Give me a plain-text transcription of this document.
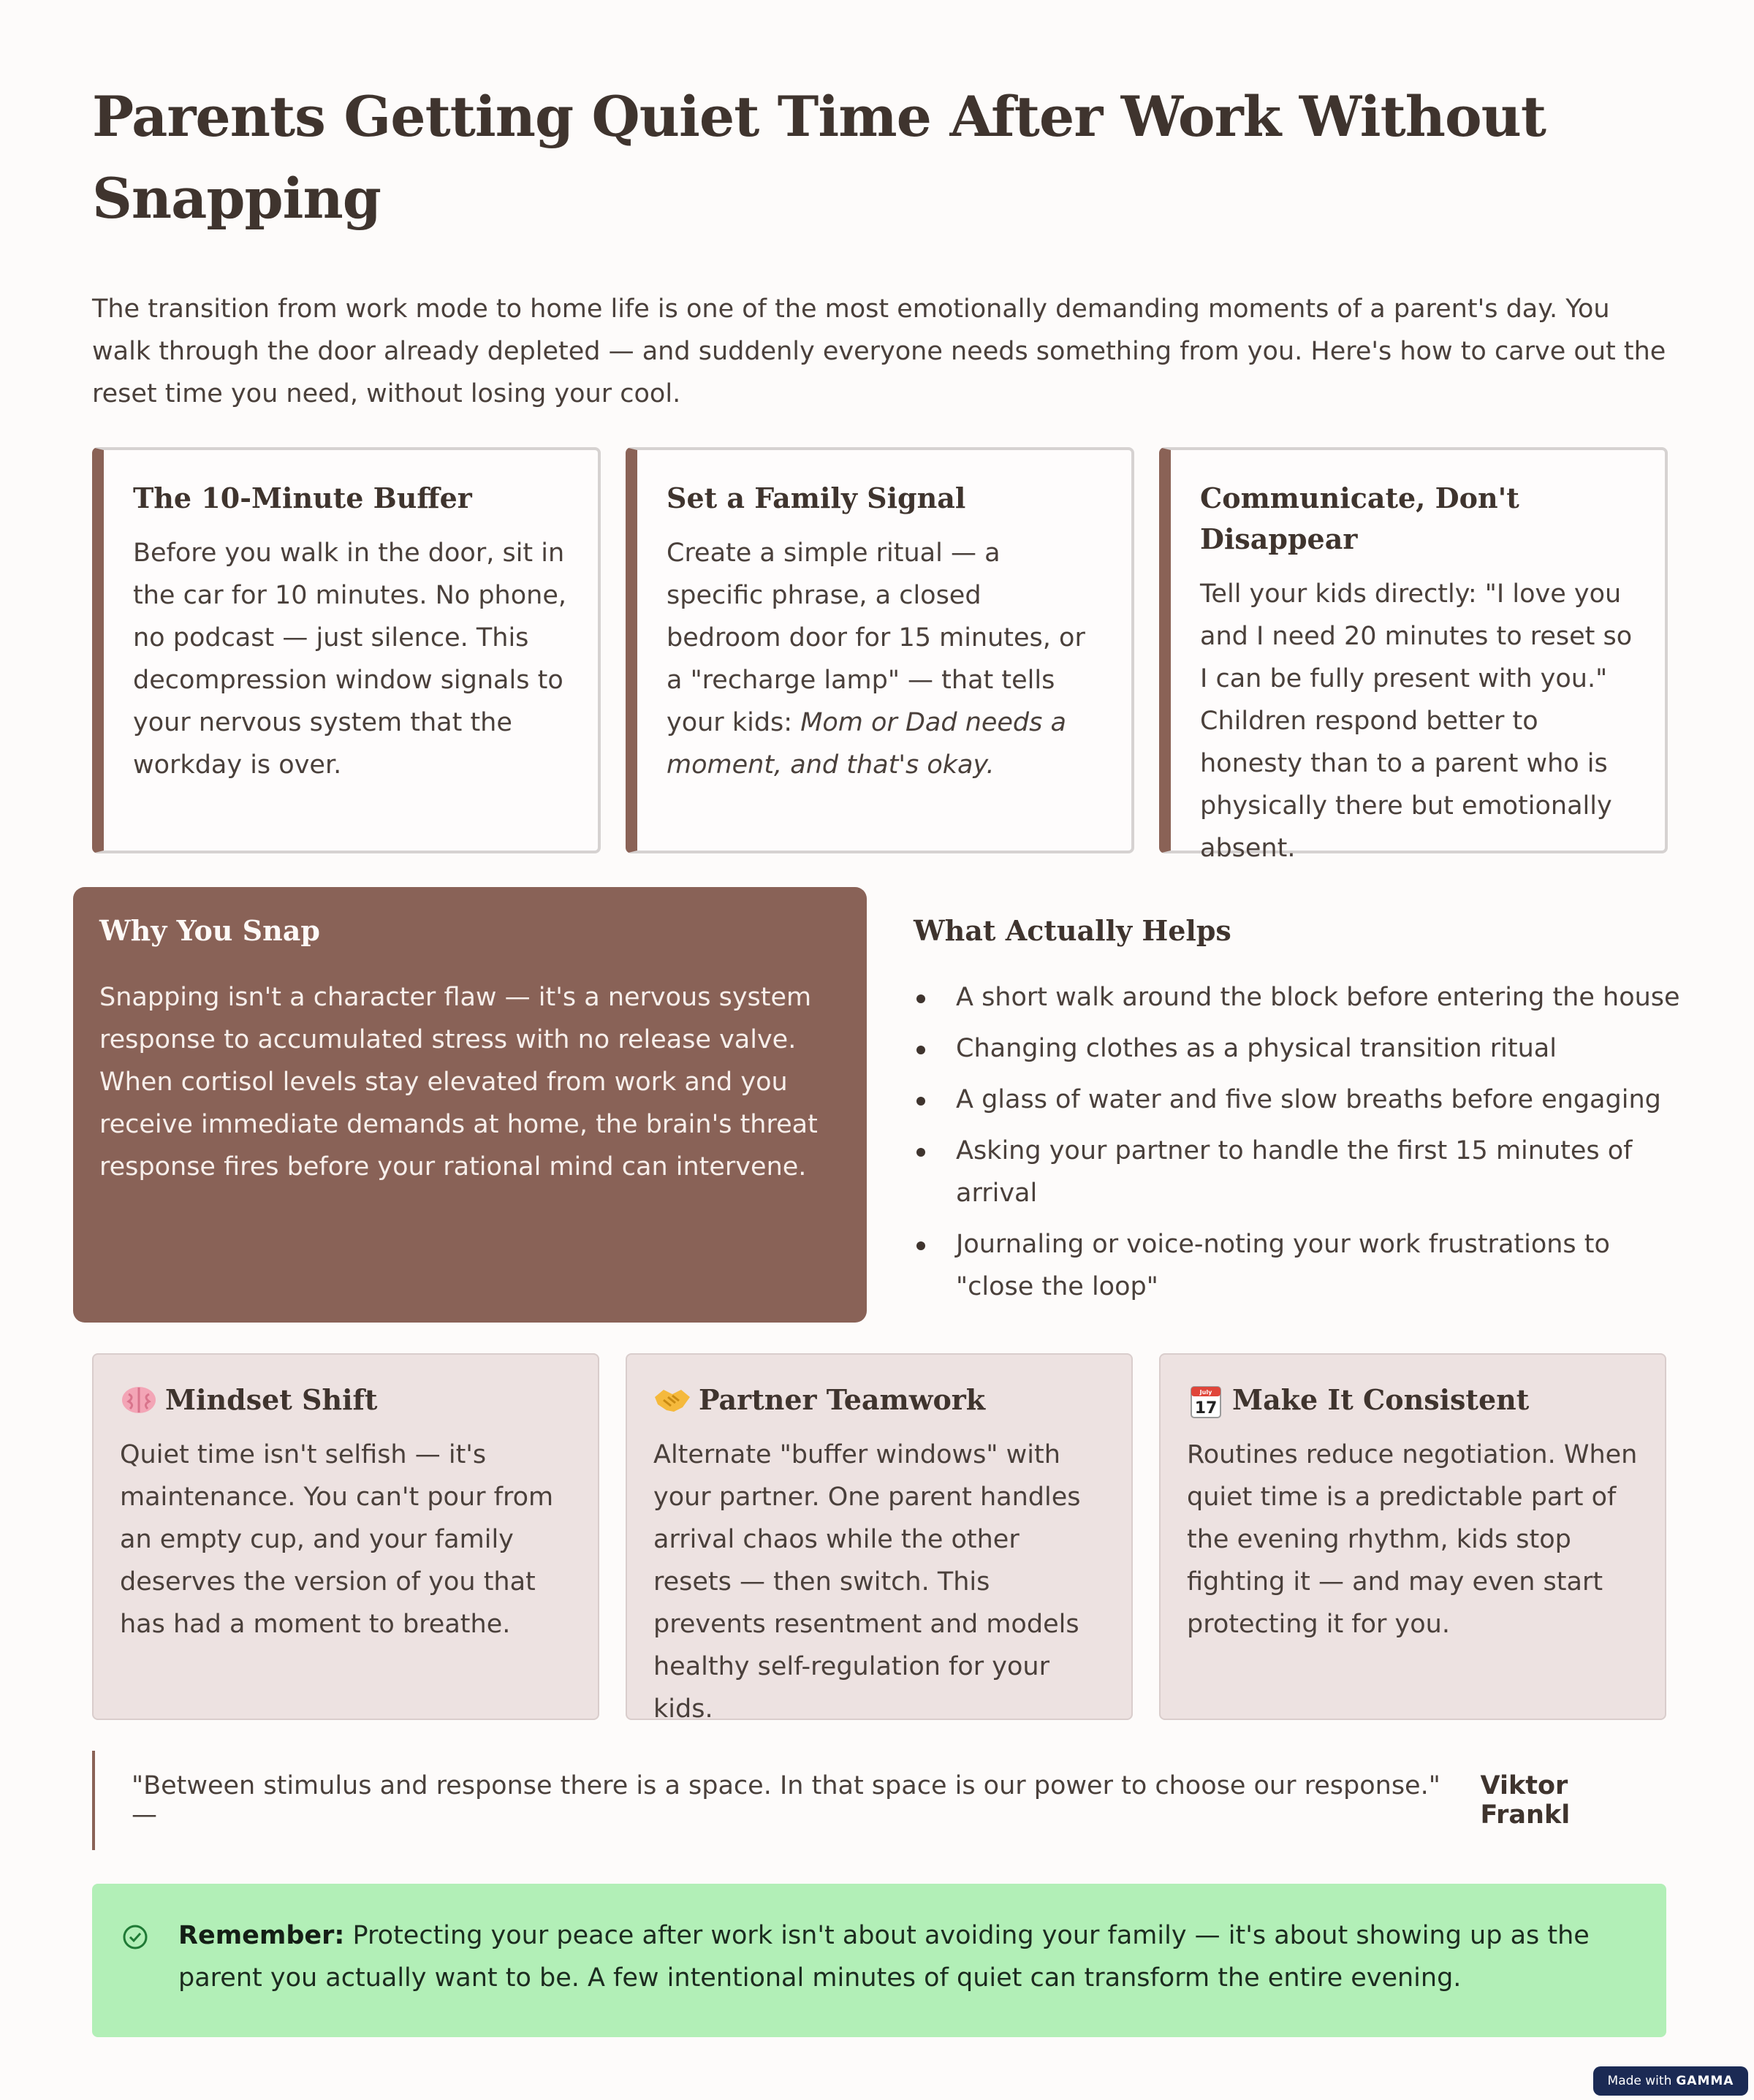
Parents Getting Quiet Time After Work Without Snapping

The transition from work mode to home life is one of the most emotionally demanding moments of a parent's day. You walk through the door already depleted — and suddenly everyone needs something from you. Here's how to carve out the reset time you need, without losing your cool.

The 10-Minute Buffer

Before you walk in the door, sit in the car for 10 minutes. No phone, no podcast — just silence. This decompression window signals to your nervous system that the workday is over.

Set a Family Signal

Create a simple ritual — a specific phrase, a closed bedroom door for 15 minutes, or a "recharge lamp" — that tells your kids: Mom or Dad needs a moment, and that's okay.

Communicate, Don't Disappear

Tell your kids directly: "I love you and I need 20 minutes to reset so I can be fully present with you." Children respond better to honesty than to a parent who is physically there but emotionally absent.

Why You Snap

Snapping isn't a character flaw — it's a nervous system response to accumulated stress with no release valve. When cortisol levels stay elevated from work and you receive immediate demands at home, the brain's threat response fires before your rational mind can intervene.

What Actually Helps
A short walk around the block before entering the house
Changing clothes as a physical transition ritual
A glass of water and five slow breaths before engaging
Asking your partner to handle the first 15 minutes of arrival
Journaling or voice-noting your work frustrations to "close the loop"
Mindset Shift

Quiet time isn't selfish — it's maintenance. You can't pour from an empty cup, and your family deserves the version of you that has had a moment to breathe.

Partner Teamwork

Alternate "buffer windows" with your partner. One parent handles arrival chaos while the other resets — then switch. This prevents resentment and models healthy self-regulation for your kids.

July
17 Make It Consistent

Routines reduce negotiation. When quiet time is a predictable part of the evening rhythm, kids stop fighting it — and may even start protecting it for you.

"Between stimulus and response there is a space. In that space is our power to choose our response." —
Viktor Frankl
Remember: Protecting your peace after work isn't about avoiding your family — it's about showing up as the parent you actually want to be. A few intentional minutes of quiet can transform the entire evening.
Made with GAMMA
